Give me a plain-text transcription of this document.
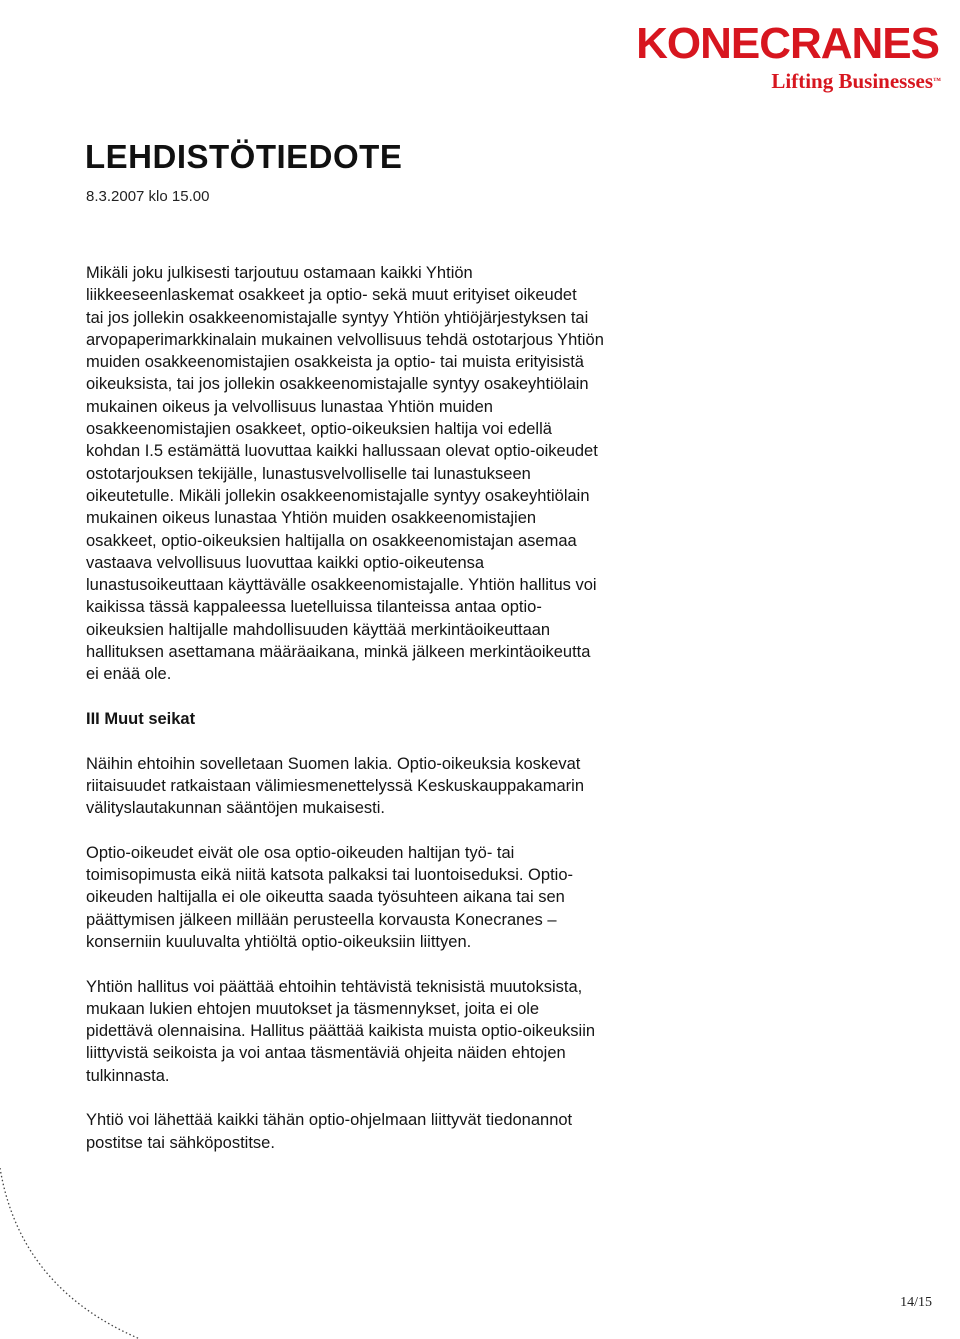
KONECRANES
Lifting Businesses™
LEHDISTÖTIEDOTE
8.3.2007 klo 15.00

Mikäli joku julkisesti tarjoutuu ostamaan kaikki Yhtiön
liikkeeseenlaskemat osakkeet ja optio- sekä muut erityiset oikeudet
tai jos jollekin osakkeenomistajalle syntyy Yhtiön yhtiöjärjestyksen tai
arvopaperimarkkinalain mukainen velvollisuus tehdä ostotarjous Yhtiön
muiden osakkeenomistajien osakkeista ja optio- tai muista erityisistä
oikeuksista, tai jos jollekin osakkeenomistajalle syntyy osakeyhtiölain
mukainen oikeus ja velvollisuus lunastaa Yhtiön muiden
osakkeenomistajien osakkeet, optio-oikeuksien haltija voi edellä
kohdan I.5 estämättä luovuttaa kaikki hallussaan olevat optio-oikeudet
ostotarjouksen tekijälle, lunastusvelvolliselle tai lunastukseen
oikeutetulle. Mikäli jollekin osakkeenomistajalle syntyy osakeyhtiölain
mukainen oikeus lunastaa Yhtiön muiden osakkeenomistajien
osakkeet, optio-oikeuksien haltijalla on osakkeenomistajan asemaa
vastaava velvollisuus luovuttaa kaikki optio-oikeutensa
lunastusoikeuttaan käyttävälle osakkeenomistajalle. Yhtiön hallitus voi
kaikissa tässä kappaleessa luetelluissa tilanteissa antaa optio-
oikeuksien haltijalle mahdollisuuden käyttää merkintäoikeuttaan
hallituksen asettamana määräaikana, minkä jälkeen merkintäoikeutta
ei enää ole.

III Muut seikat

Näihin ehtoihin sovelletaan Suomen lakia. Optio-oikeuksia koskevat
riitaisuudet ratkaistaan välimiesmenettelyssä Keskuskauppakamarin
välityslautakunnan sääntöjen mukaisesti.

Optio-oikeudet eivät ole osa optio-oikeuden haltijan työ- tai
toimisopimusta eikä niitä katsota palkaksi tai luontoiseduksi. Optio-
oikeuden haltijalla ei ole oikeutta saada työsuhteen aikana tai sen
päättymisen jälkeen millään perusteella korvausta Konecranes –
konserniin kuuluvalta yhtiöltä optio-oikeuksiin liittyen.

Yhtiön hallitus voi päättää ehtoihin tehtävistä teknisistä muutoksista,
mukaan lukien ehtojen muutokset ja täsmennykset, joita ei ole
pidettävä olennaisina. Hallitus päättää kaikista muista optio-oikeuksiin
liittyvistä seikoista ja voi antaa täsmentäviä ohjeita näiden ehtojen
tulkinnasta.

Yhtiö voi lähettää kaikki tähän optio-ohjelmaan liittyvät tiedonannot
postitse tai sähköpostitse.

14/15
